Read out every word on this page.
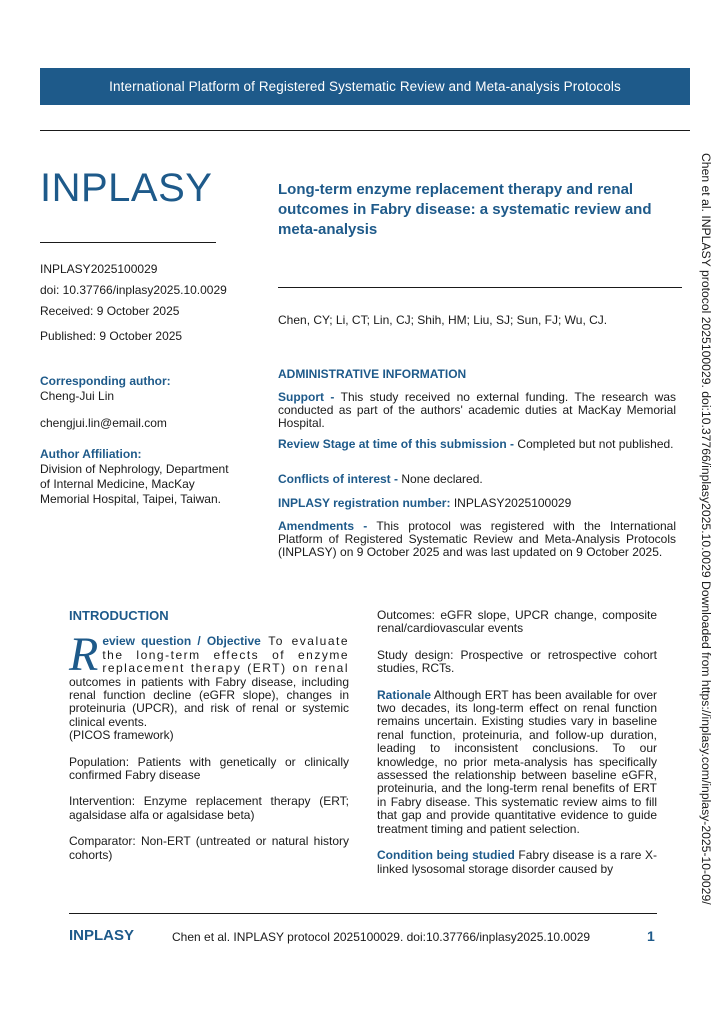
International Platform of Registered Systematic Review and Meta-analysis Protocols
INPLASY
INPLASY2025100029
doi: 10.37766/inplasy2025.10.0029
Received: 9 October 2025
Published: 9 October 2025
Long-term enzyme replacement therapy and renal outcomes in Fabry disease: a systematic review and meta-analysis
Chen, CY; Li, CT; Lin, CJ; Shih, HM; Liu, SJ; Sun, FJ; Wu, CJ.
Corresponding author:
Cheng-Jui Lin
chengjui.lin@email.com
Author Affiliation:
Division of Nephrology, Department of Internal Medicine, MacKay Memorial Hospital, Taipei, Taiwan.
ADMINISTRATIVE INFORMATION
Support - This study received no external funding. The research was conducted as part of the authors' academic duties at MacKay Memorial Hospital.
Review Stage at time of this submission - Completed but not published.
Conflicts of interest - None declared.
INPLASY registration number: INPLASY2025100029
Amendments - This protocol was registered with the International Platform of Registered Systematic Review and Meta-Analysis Protocols (INPLASY) on 9 October 2025 and was last updated on 9 October 2025.
INTRODUCTION
Review question / Objective To evaluate the long-term effects of enzyme replacement therapy (ERT) on renal outcomes in patients with Fabry disease, including renal function decline (eGFR slope), changes in proteinuria (UPCR), and risk of renal or systemic clinical events.
(PICOS framework)

Population: Patients with genetically or clinically confirmed Fabry disease

Intervention: Enzyme replacement therapy (ERT; agalsidase alfa or agalsidase beta)

Comparator: Non-ERT (untreated or natural history cohorts)

Outcomes: eGFR slope, UPCR change, composite renal/cardiovascular events

Study design: Prospective or retrospective cohort studies, RCTs.

Rationale Although ERT has been available for over two decades, its long-term effect on renal function remains uncertain. Existing studies vary in baseline renal function, proteinuria, and follow-up duration, leading to inconsistent conclusions. To our knowledge, no prior meta-analysis has specifically assessed the relationship between baseline eGFR, proteinuria, and the long-term renal benefits of ERT in Fabry disease. This systematic review aims to fill that gap and provide quantitative evidence to guide treatment timing and patient selection.

Condition being studied Fabry disease is a rare X-linked lysosomal storage disorder caused by	Chen et al. INPLASY protocol 2025100029. doi:10.37766/inplasy2025.10.0029 Downloaded from https://inplasy.com/inplasy-2025-10-0029/
INPLASY	Chen et al. INPLASY protocol 2025100029. doi:10.37766/inplasy2025.10.0029	1
